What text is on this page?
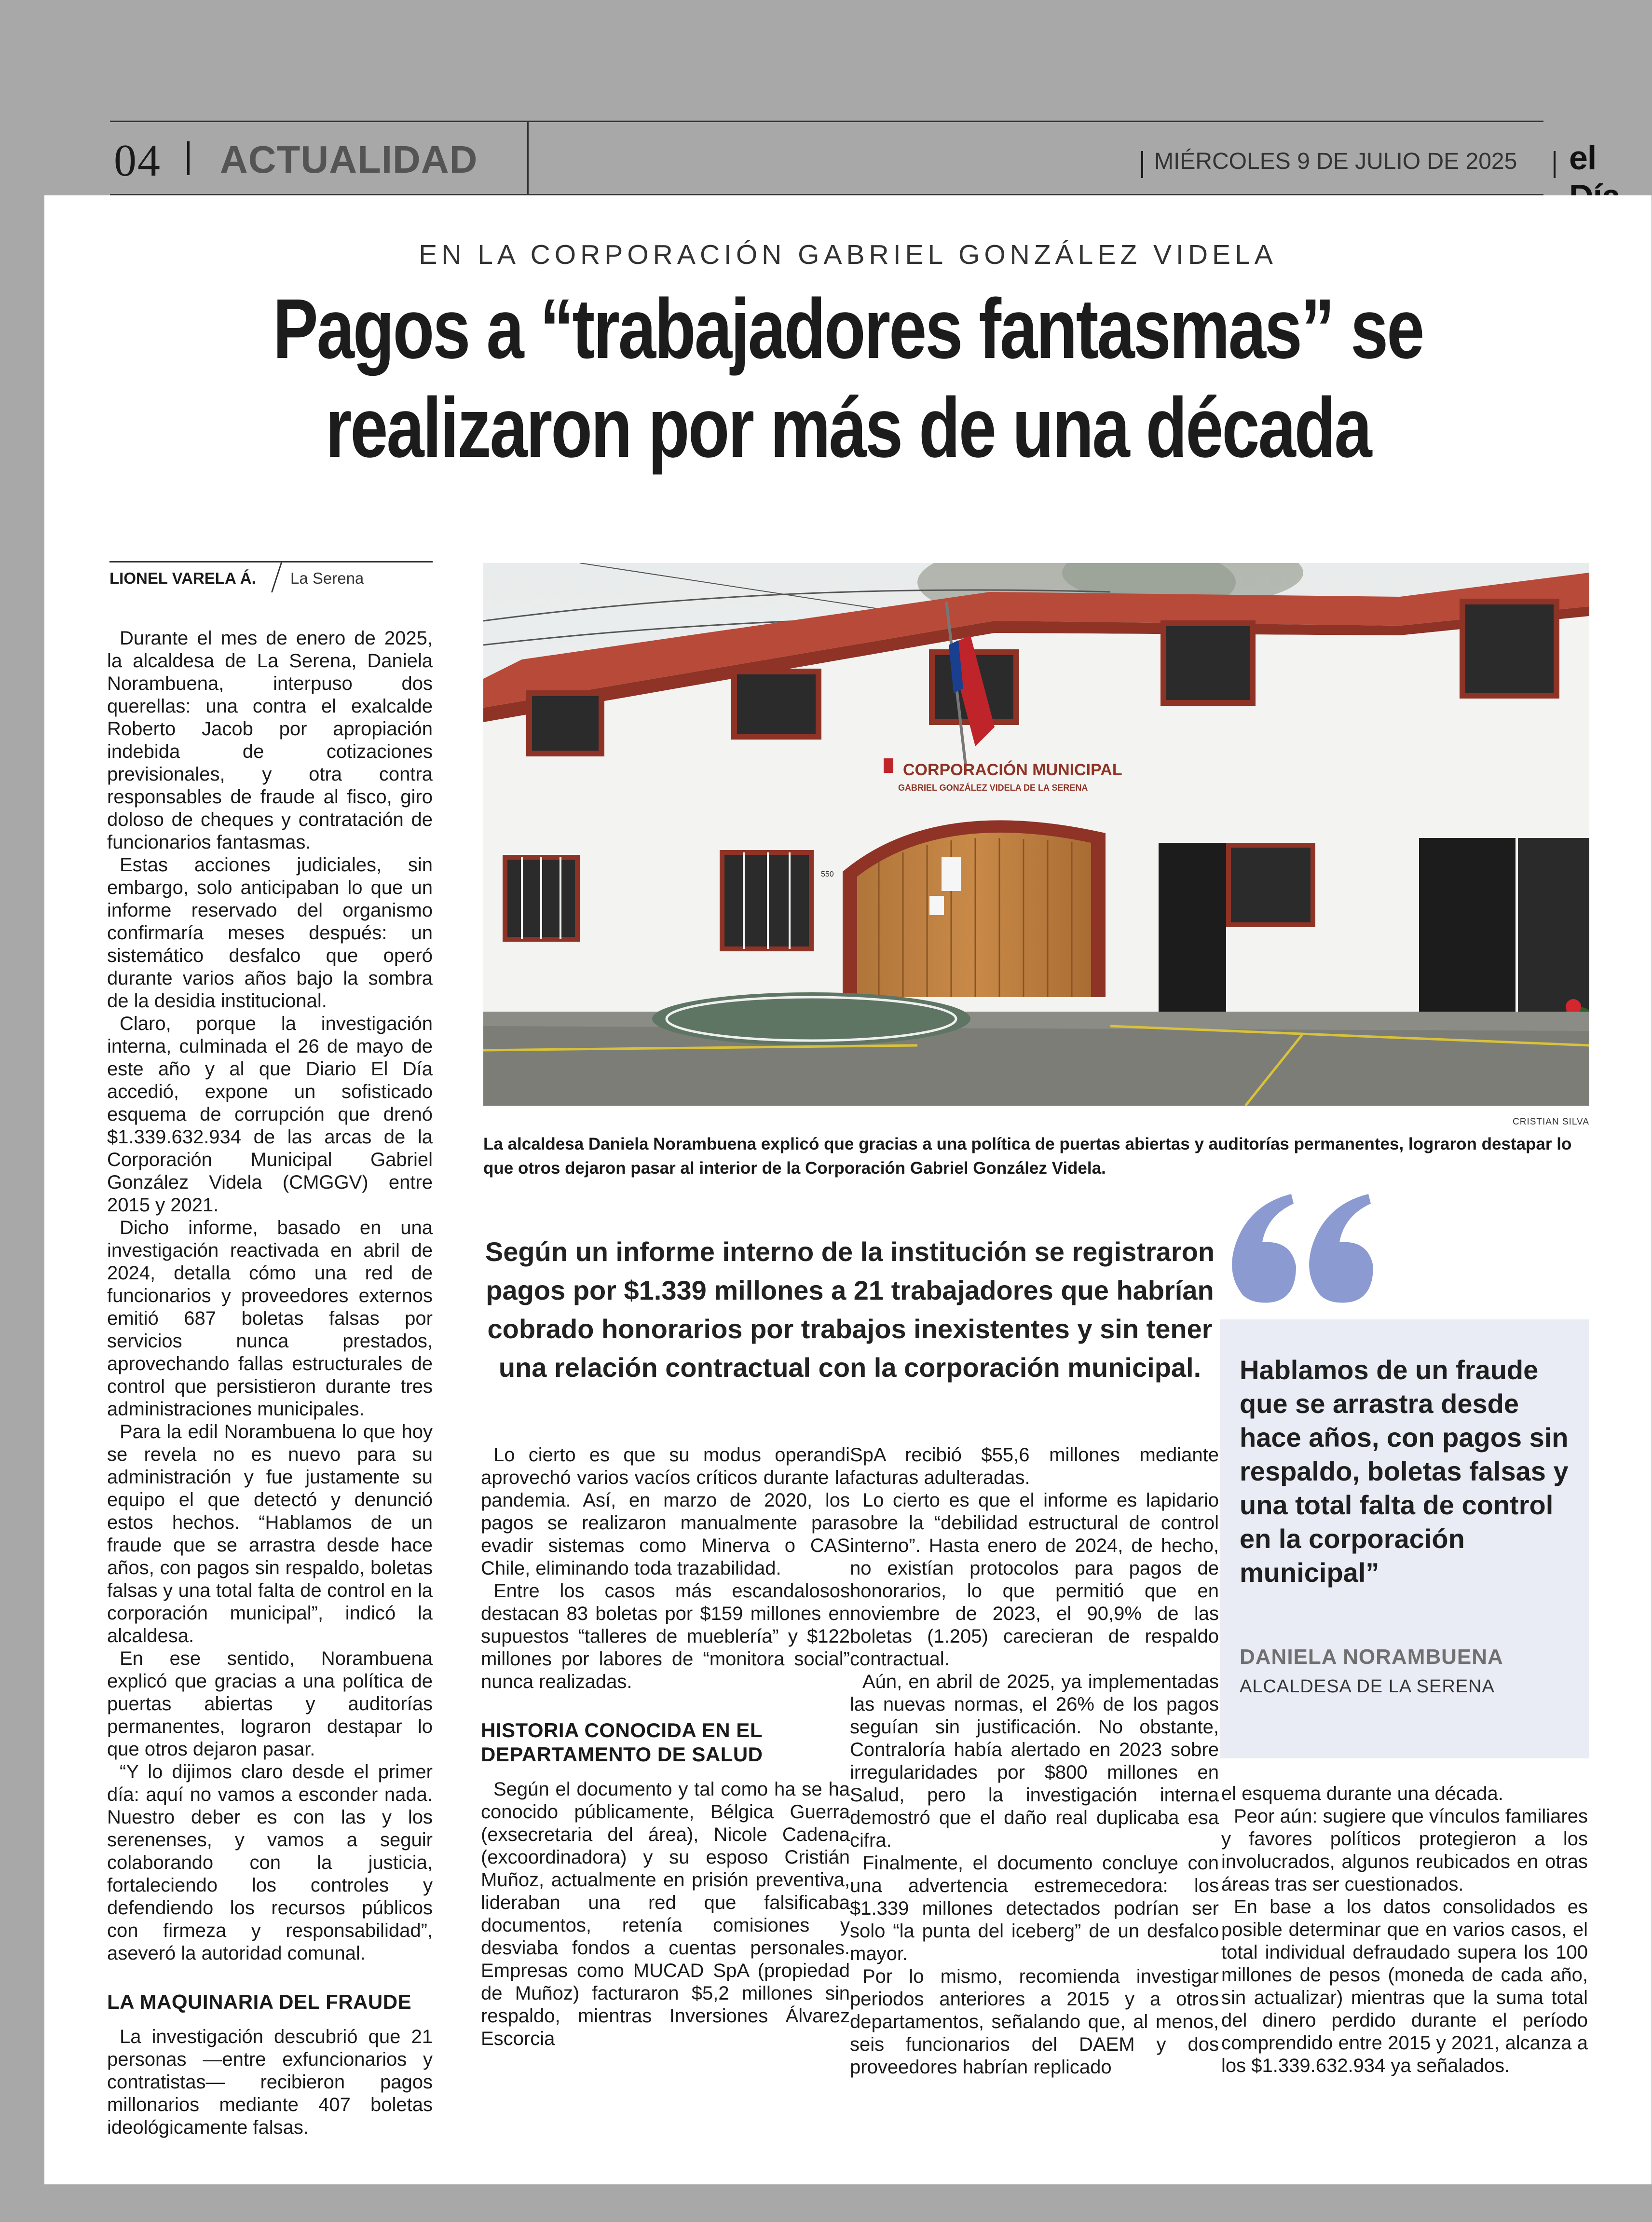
04 ACTUALIDAD	MIÉRCOLES 9 DE JULIO DE 2025 el
EN LA CORPORACIÓN GABRIEL GONZÁLEZ VIDELA
Pagos a “trabajadores fantasmas” se
realizaron por más de una década
LIONEL VARELA Á. La Serena

Durante el mes de enero de 2025, la alcaldesa de La Serena, Daniela Norambuena, interpuso dos querellas: una contra el exalcalde Roberto Jacob por apropiación indebida de cotizaciones previsionales, y otra contra responsables de fraude al fisco, giro doloso de cheques y contratación de funcionarios fantasmas.

Estas acciones judiciales, sin embargo, solo anticipaban lo que un informe reservado del organismo confirmaría meses después: un sistemático desfalco que operó durante varios años bajo la sombra de la desidia institucional.

Claro, porque la investigación interna, culminada el 26 de mayo de este año y al que Diario El Día accedió, expone un sofisticado esquema de corrupción que drenó $1.339.632.934 de las arcas de la Corporación Municipal Gabriel González Videla (CMGGV) entre 2015 y 2021.

Dicho informe, basado en una investigación reactivada en abril de 2024, detalla cómo una red de funcionarios y proveedores externos emitió 687 boletas falsas por servicios nunca prestados, aprovechando fallas estructurales de control que persistieron durante tres administraciones municipales.

Para la edil Norambuena lo que hoy se revela no es nuevo para su administración y fue justamente su equipo el que detectó y denunció estos hechos. “Hablamos de un fraude que se arrastra desde hace años, con pagos sin respaldo, boletas falsas y una total falta de control en la corporación municipal”, indicó la alcaldesa.

En ese sentido, Norambuena explicó que gracias a una política de puertas abiertas y auditorías permanentes, lograron destapar lo que otros dejaron pasar.

“Y lo dijimos claro desde el primer día: aquí no vamos a esconder nada. Nuestro deber es con las y los serenenses, y vamos a seguir colaborando con la justicia, fortaleciendo los controles y defendiendo los recursos públicos con firmeza y responsabilidad”, aseveró la autoridad comunal.

LA MAQUINARIA DEL FRAUDE

La investigación descubrió que 21 personas —entre exfuncionarios y contratistas— recibieron pagos millonarios mediante 407 boletas ideológicamente falsas.

CORPORACIÓN MUNICIPAL
GABRIEL GONZÁLEZ VIDELA DE LA SERENA
550
CRISTIAN SILVA
La alcaldesa Daniela Norambuena explicó que gracias a una política de puertas abiertas y auditorías permanentes, lograron destapar lo que otros dejaron pasar al interior de la Corporación Gabriel González Videla.
Según un informe interno de la institución se registraron pagos por $1.339 millones a 21 trabajadores que habrían cobrado honorarios por trabajos inexistentes y sin tener una relación contractual con la corporación municipal.

Lo cierto es que su modus operandi aprovechó varios vacíos críticos durante la pandemia. Así, en marzo de 2020, los pagos se realizaron manualmente para evadir sistemas como Minerva o CAS Chile, eliminando toda trazabilidad.

Entre los casos más escandalosos destacan 83 boletas por $159 millones en supuestos “talleres de mueblería” y $122 millones por labores de “monitora social” nunca realizadas.

HISTORIA CONOCIDA EN EL DEPARTAMENTO DE SALUD

Según el documento y tal como ha se ha conocido públicamente, Bélgica Guerra (exsecretaria del área), Nicole Cadena (excoordinadora) y su esposo Cristián Muñoz, actualmente en prisión preventiva, lideraban una red que falsificaba documentos, retenía comisiones y desviaba fondos a cuentas personales. Empresas como MUCAD SpA (propiedad de Muñoz) facturaron $5,2 millones sin respaldo, mientras Inversiones Álvarez Escorcia

SpA recibió $55,6 millones mediante facturas adulteradas.

Lo cierto es que el informe es lapidario sobre la “debilidad estructural de control interno”. Hasta enero de 2024, de hecho, no existían protocolos para pagos de honorarios, lo que permitió que en noviembre de 2023, el 90,9% de las boletas (1.205) carecieran de respaldo contractual.

Aún, en abril de 2025, ya implementadas las nuevas normas, el 26% de los pagos seguían sin justificación. No obstante, Contraloría había alertado en 2023 sobre irregularidades por $800 millones en Salud, pero la investigación interna demostró que el daño real duplicaba esa cifra.

Finalmente, el documento concluye con una advertencia estremecedora: los $1.339 millones detectados podrían ser solo “la punta del iceberg” de un desfalco mayor.

Por lo mismo, recomienda investigar periodos anteriores a 2015 y a otros departamentos, señalando que, al menos, seis funcionarios del DAEM y dos proveedores habrían replicado

Hablamos de un fraude que se arrastra desde hace años, con pagos sin respaldo, boletas falsas y una total falta de control en la corporación municipal”
DANIELA NORAMBUENA
ALCALDESA DE LA SERENA

el esquema durante una década.

Peor aún: sugiere que vínculos familiares y favores políticos protegieron a los involucrados, algunos reubicados en otras áreas tras ser cuestionados.

En base a los datos consolidados es posible determinar que en varios casos, el total individual defraudado supera los 100 millones de pesos (moneda de cada año, sin actualizar) mientras que la suma total del dinero perdido durante el período comprendido entre 2015 y 2021, alcanza a los $1.339.632.934 ya señalados.
